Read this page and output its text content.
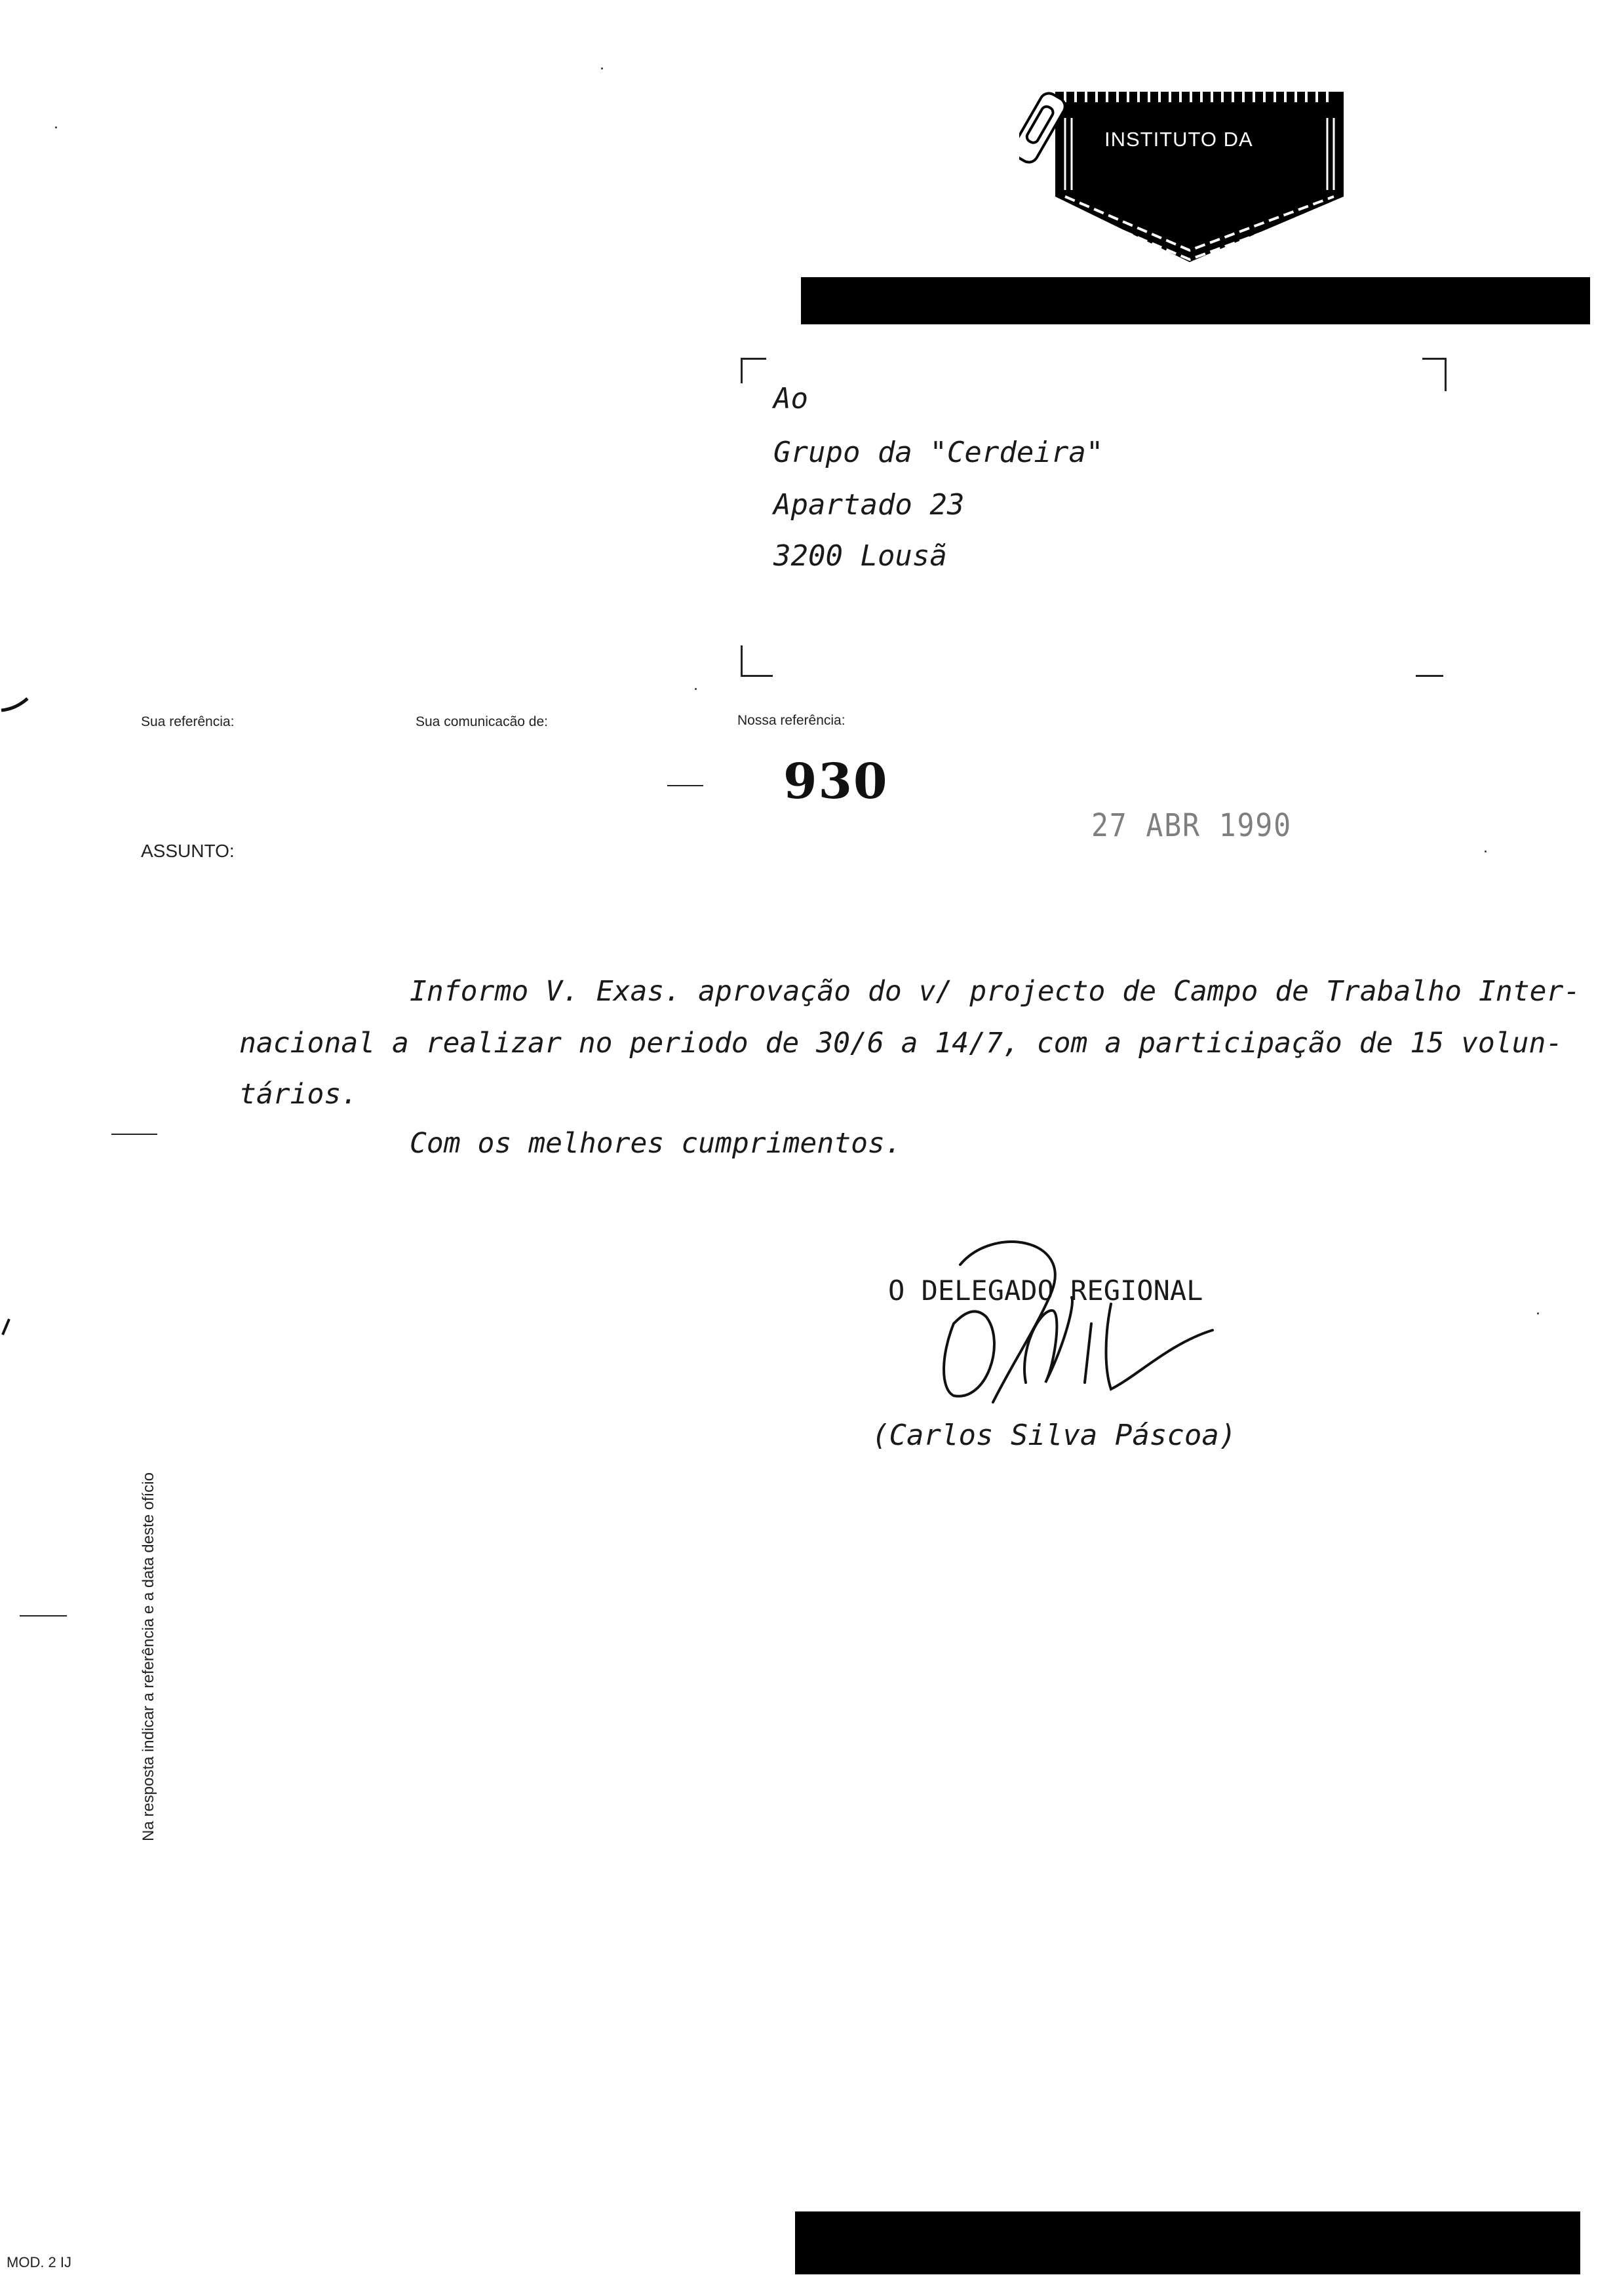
INSTITUTO DA
Ao
Grupo da "Cerdeira"
Apartado 23
3200 Lousã
Sua referência:	Sua comunicacão de:	Nossa referência:
930
27 ABR 1990
ASSUNTO:
Informo V. Exas. aprovação do v/ projecto de Campo de Trabalho Inter-
nacional a realizar no periodo de 30/6 a 14/7, com a participação de 15 volun-
tários.
Com os melhores cumprimentos.
O DELEGADO REGIONAL
(Carlos Silva Páscoa)
Na resposta indicar a referência e a data deste ofício
MOD. 2 IJ
